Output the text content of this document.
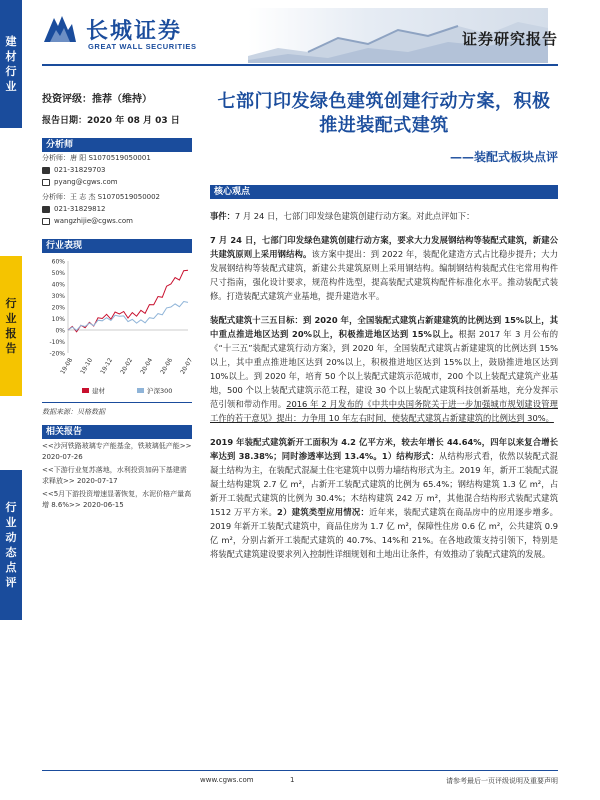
建
材
行
业
行
业
报
告
行
业
动
态
点
评
长城证券
GREAT WALL SECURITIES	证券研究报告
投资评级：推荐（维持）
报告日期：2020 年 08 月 03 日
分析师
分析师：唐 阳 S1070519050001
021-31829703
pyang@cgws.com
分析师：王 志 杰 S1070519050002
021-31829812
wangzhijie@cgws.com
行业表现
60%
50%
40%
30%
20%
10%
0%
-10%
-20%
19-08 19-10 19-12 20-02 20-04 20-06 20-07
建材	沪深300
数据来源：贝格数据
相关报告
<<沙河铁路玻璃专产能基金，铁玻璃低产能>> 2020-07-26
<<下游行业复苏落地，水利投资加码下基建需求释放>> 2020-07-17
<<5月下游投资增速显著恢复，水泥价格产量高增 8.6%>> 2020-06-15
七部门印发绿色建筑创建行动方案，积极推进装配式建筑
——装配式板块点评
核心观点

事件：7 月 24 日，七部门印发绿色建筑创建行动方案。对此点评如下：

7 月 24 日，七部门印发绿色建筑创建行动方案，要求大力发展钢结构等装配式建筑，新建公共建筑原则上采用钢结构。该方案中提出：到 2022 年，装配化建造方式占比稳步提升；大力发展钢结构等装配式建筑，新建公共建筑原则上采用钢结构。编制钢结构装配式住宅常用构件尺寸指南，强化设计要求，规范构件选型，提高装配式建筑构配件标准化水平。推动装配式装修。打造装配式建筑产业基地，提升建造水平。

装配式建筑十三五目标：到 2020 年，全国装配式建筑占新建建筑的比例达到 15%以上，其中重点推进地区达到 20%以上，积极推进地区达到 15%以上。根据 2017 年 3 月公布的《“十三五”装配式建筑行动方案》，到 2020 年，全国装配式建筑占新建建筑的比例达到 15%以上，其中重点推进地区达到 20%以上，积极推进地区达到 15%以上，鼓励推进地区达到 10%以上。到 2020 年，培育 50 个以上装配式建筑示范城市，200 个以上装配式建筑产业基地，500 个以上装配式建筑示范工程，建设 30 个以上装配式建筑科技创新基地，充分发挥示范引领和带动作用。2016 年 2 月发布的《中共中央国务院关于进一步加强城市规划建设管理工作的若干意见》提出：力争用 10 年左右时间，使装配式建筑占新建建筑的比例达到 30%。

2019 年装配式建筑新开工面积为 4.2 亿平方米，较去年增长 44.64%，四年以来复合增长率达到 38.38%；同时渗透率达到 13.4%。1）结构形式：从结构形式看，依然以装配式混凝土结构为主，在装配式混凝土住宅建筑中以剪力墙结构形式为主。2019 年，新开工装配式混凝土结构建筑 2.7 亿 m²，占新开工装配式建筑的比例为 65.4%；钢结构建筑 1.3 亿 m²，占新开工装配式建筑的比例为 30.4%；木结构建筑 242 万 m²，其他混合结构形式装配式建筑 1512 万平方米。2）建筑类型应用情况：近年来，装配式建筑在商品房中的应用逐步增多。2019 年新开工装配式建筑中，商品住房为 1.7 亿 m²，保障性住房 0.6 亿 m²，公共建筑 0.9 亿 m²，分别占新开工装配式建筑的 40.7%、14%和 21%。在各地政策支持引领下，特别是将装配式建筑建设要求列入控制性详细规划和土地出让条件，有效推动了装配式建筑的发展。

www.cgws.com	1	请参考最后一页评级说明及重要声明
